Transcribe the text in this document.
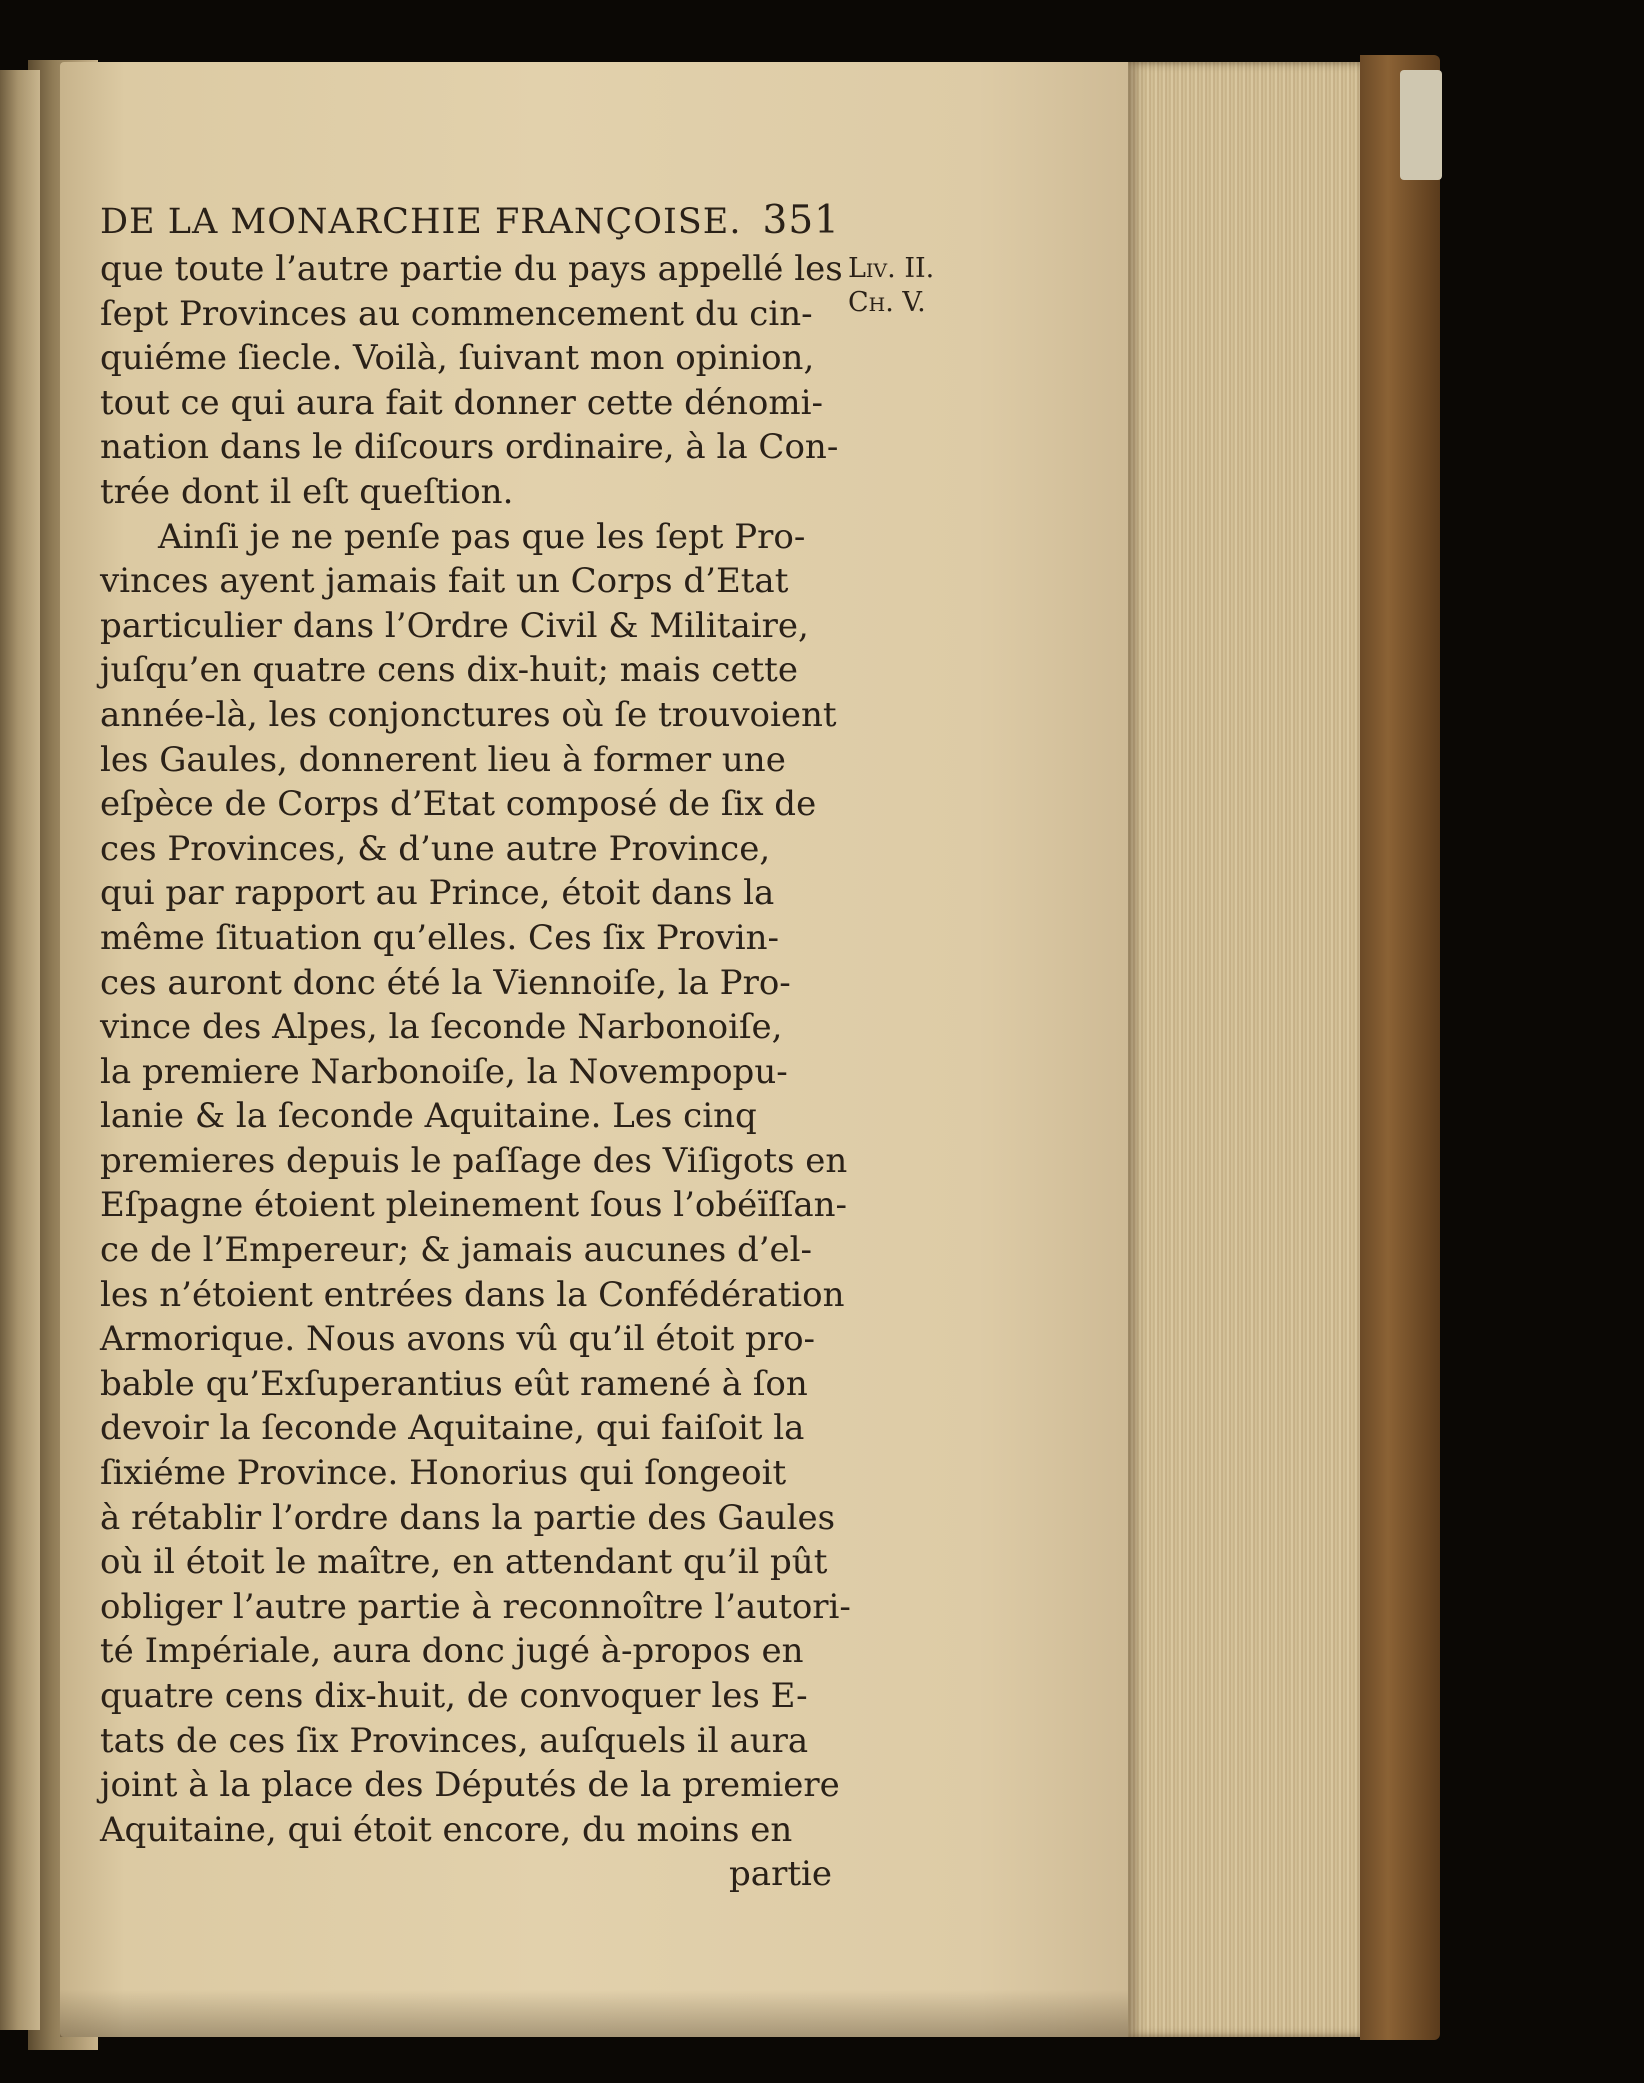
DE LA MONARCHIE FRANÇOISE. 351
que toute l’autre partie du pays appellé les
ſept Provinces au commencement du cin-
quiéme ſiecle. Voilà, ſuivant mon opinion,
tout ce qui aura fait donner cette dénomi-
nation dans le diſcours ordinaire, à la Con-
trée dont il eſt queſtion.
Ainſi je ne penſe pas que les ſept Pro-
vinces ayent jamais fait un Corps d’Etat
particulier dans l’Ordre Civil & Militaire,
juſqu’en quatre cens dix-huit; mais cette
année-là, les conjonctures où ſe trouvoient
les Gaules, donnerent lieu à former une
eſpèce de Corps d’Etat composé de ſix de
ces Provinces, & d’une autre Province,
qui par rapport au Prince, étoit dans la
même ſituation qu’elles. Ces ſix Provin-
ces auront donc été la Viennoiſe, la Pro-
vince des Alpes, la ſeconde Narbonoiſe,
la premiere Narbonoiſe, la Novempopu-
lanie & la ſeconde Aquitaine. Les cinq
premieres depuis le paſſage des Viſigots en
Eſpagne étoient pleinement ſous l’obéïſſan-
ce de l’Empereur; & jamais aucunes d’el-
les n’étoient entrées dans la Confédération
Armorique. Nous avons vû qu’il étoit pro-
bable qu’Exſuperantius eût ramené à ſon
devoir la ſeconde Aquitaine, qui faiſoit la
ſixiéme Province. Honorius qui ſongeoit
à rétablir l’ordre dans la partie des Gaules
où il étoit le maître, en attendant qu’il pût
obliger l’autre partie à reconnoître l’autori-
té Impériale, aura donc jugé à-propos en
quatre cens dix-huit, de convoquer les E-
tats de ces ſix Provinces, auſquels il aura
joint à la place des Députés de la premiere
Aquitaine, qui étoit encore, du moins en
partie
Liv. II.
Ch. V.
